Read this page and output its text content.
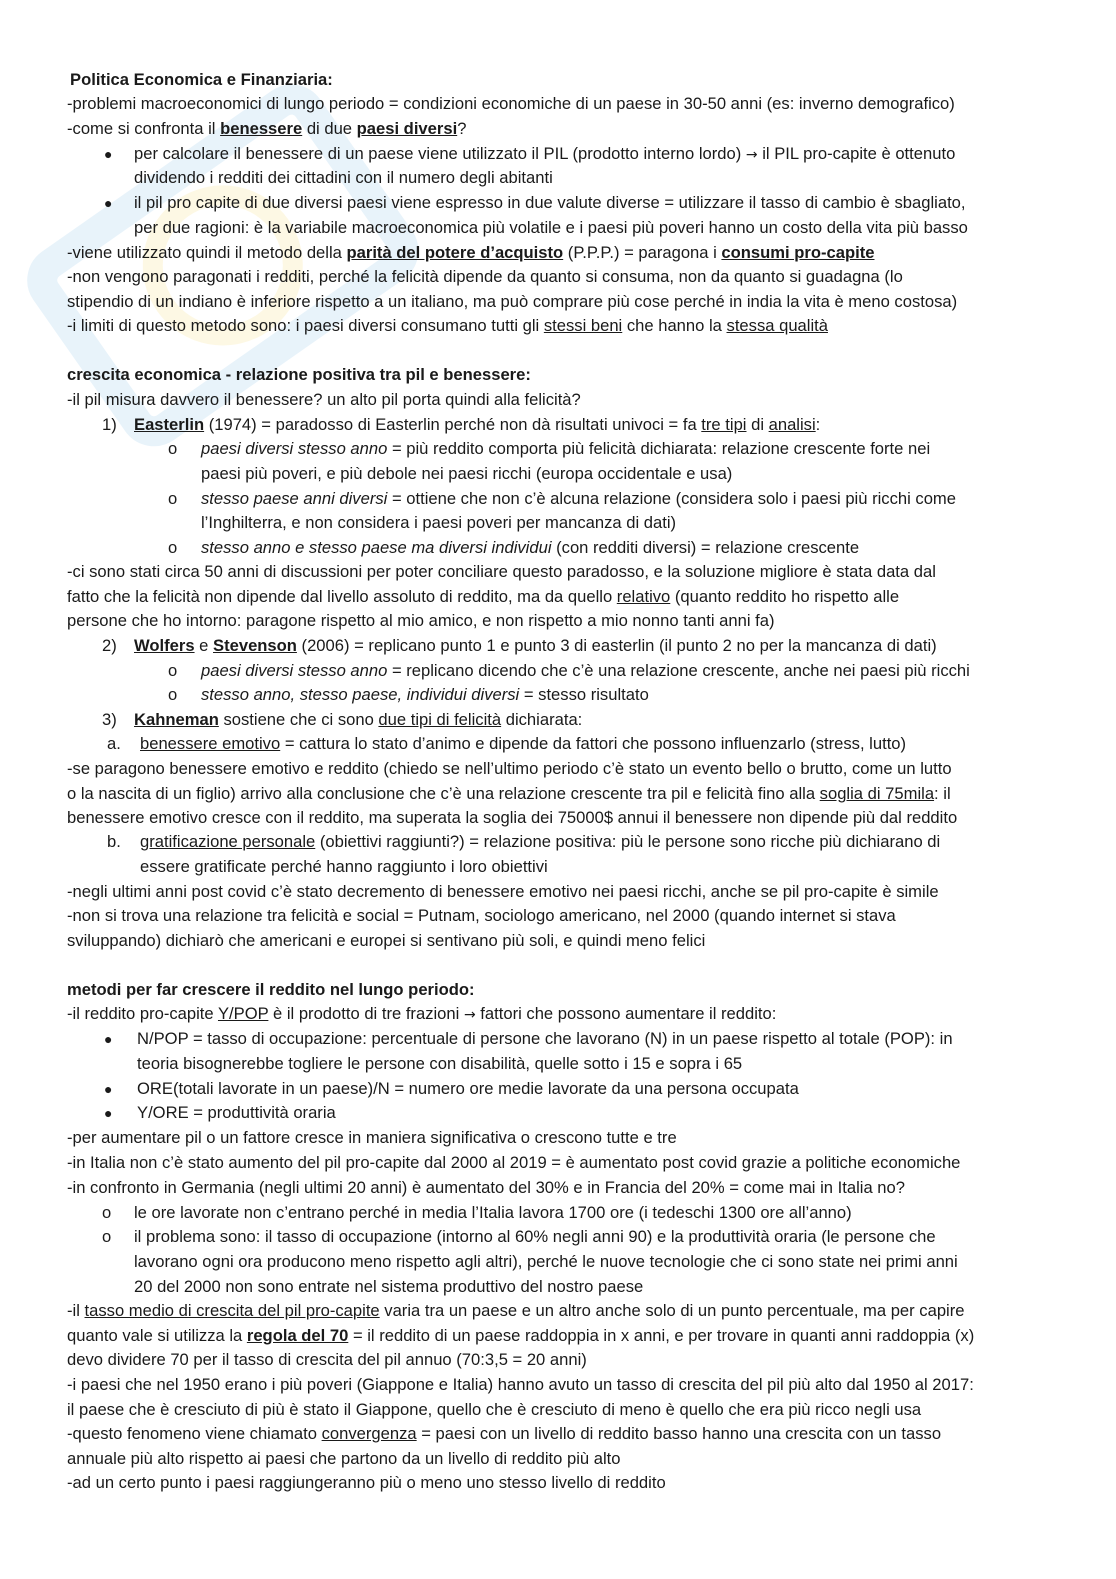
Politica Economica e Finanziaria:
-problemi macroeconomici di lungo periodo = condizioni economiche di un paese in 30-50 anni (es: inverno demografico)
-come si confronta il benessere di due paesi diversi?
● per calcolare il benessere di un paese viene utilizzato il PIL (prodotto interno lordo) → il PIL pro-capite è ottenuto
dividendo i redditi dei cittadini con il numero degli abitanti
● il pil pro capite di due diversi paesi viene espresso in due valute diverse = utilizzare il tasso di cambio è sbagliato,
per due ragioni: è la variabile macroeconomica più volatile e i paesi più poveri hanno un costo della vita più basso
-viene utilizzato quindi il metodo della parità del potere d’acquisto (P.P.P.) = paragona i consumi pro-capite
-non vengono paragonati i redditi, perché la felicità dipende da quanto si consuma, non da quanto si guadagna (lo
stipendio di un indiano è inferiore rispetto a un italiano, ma può comprare più cose perché in india la vita è meno costosa)
-i limiti di questo metodo sono: i paesi diversi consumano tutti gli stessi beni che hanno la stessa qualità
crescita economica - relazione positiva tra pil e benessere:
-il pil misura davvero il benessere? un alto pil porta quindi alla felicità?
1) Easterlin (1974) = paradosso di Easterlin perché non dà risultati univoci = fa tre tipi di analisi:
o paesi diversi stesso anno = più reddito comporta più felicità dichiarata: relazione crescente forte nei
paesi più poveri, e più debole nei paesi ricchi (europa occidentale e usa)
o stesso paese anni diversi = ottiene che non c’è alcuna relazione (considera solo i paesi più ricchi come
l’Inghilterra, e non considera i paesi poveri per mancanza di dati)
o stesso anno e stesso paese ma diversi individui (con redditi diversi) = relazione crescente
-ci sono stati circa 50 anni di discussioni per poter conciliare questo paradosso, e la soluzione migliore è stata data dal
fatto che la felicità non dipende dal livello assoluto di reddito, ma da quello relativo (quanto reddito ho rispetto alle
persone che ho intorno: paragone rispetto al mio amico, e non rispetto a mio nonno tanti anni fa)
2) Wolfers e Stevenson (2006) = replicano punto 1 e punto 3 di easterlin (il punto 2 no per la mancanza di dati)
o paesi diversi stesso anno = replicano dicendo che c’è una relazione crescente, anche nei paesi più ricchi
o stesso anno, stesso paese, individui diversi = stesso risultato
3) Kahneman sostiene che ci sono due tipi di felicità dichiarata:
a. benessere emotivo = cattura lo stato d’animo e dipende da fattori che possono influenzarlo (stress, lutto)
-se paragono benessere emotivo e reddito (chiedo se nell’ultimo periodo c’è stato un evento bello o brutto, come un lutto
o la nascita di un figlio) arrivo alla conclusione che c’è una relazione crescente tra pil e felicità fino alla soglia di 75mila: il
benessere emotivo cresce con il reddito, ma superata la soglia dei 75000$ annui il benessere non dipende più dal reddito
b. gratificazione personale (obiettivi raggiunti?) = relazione positiva: più le persone sono ricche più dichiarano di
essere gratificate perché hanno raggiunto i loro obiettivi
-negli ultimi anni post covid c’è stato decremento di benessere emotivo nei paesi ricchi, anche se pil pro-capite è simile
-non si trova una relazione tra felicità e social = Putnam, sociologo americano, nel 2000 (quando internet si stava
sviluppando) dichiarò che americani e europei si sentivano più soli, e quindi meno felici
metodi per far crescere il reddito nel lungo periodo:
-il reddito pro-capite Y/POP è il prodotto di tre frazioni → fattori che possono aumentare il reddito:
● N/POP = tasso di occupazione: percentuale di persone che lavorano (N) in un paese rispetto al totale (POP): in
teoria bisognerebbe togliere le persone con disabilità, quelle sotto i 15 e sopra i 65
● ORE(totali lavorate in un paese)/N = numero ore medie lavorate da una persona occupata
● Y/ORE = produttività oraria
-per aumentare pil o un fattore cresce in maniera significativa o crescono tutte e tre
-in Italia non c’è stato aumento del pil pro-capite dal 2000 al 2019 = è aumentato post covid grazie a politiche economiche
-in confronto in Germania (negli ultimi 20 anni) è aumentato del 30% e in Francia del 20% = come mai in Italia no?
o le ore lavorate non c’entrano perché in media l’Italia lavora 1700 ore (i tedeschi 1300 ore all’anno)
o il problema sono: il tasso di occupazione (intorno al 60% negli anni 90) e la produttività oraria (le persone che
lavorano ogni ora producono meno rispetto agli altri), perché le nuove tecnologie che ci sono state nei primi anni
20 del 2000 non sono entrate nel sistema produttivo del nostro paese
-il tasso medio di crescita del pil pro-capite varia tra un paese e un altro anche solo di un punto percentuale, ma per capire
quanto vale si utilizza la regola del 70 = il reddito di un paese raddoppia in x anni, e per trovare in quanti anni raddoppia (x)
devo dividere 70 per il tasso di crescita del pil annuo (70:3,5 = 20 anni)
-i paesi che nel 1950 erano i più poveri (Giappone e Italia) hanno avuto un tasso di crescita del pil più alto dal 1950 al 2017:
il paese che è cresciuto di più è stato il Giappone, quello che è cresciuto di meno è quello che era più ricco negli usa
-questo fenomeno viene chiamato convergenza = paesi con un livello di reddito basso hanno una crescita con un tasso
annuale più alto rispetto ai paesi che partono da un livello di reddito più alto
-ad un certo punto i paesi raggiungeranno più o meno uno stesso livello di reddito
